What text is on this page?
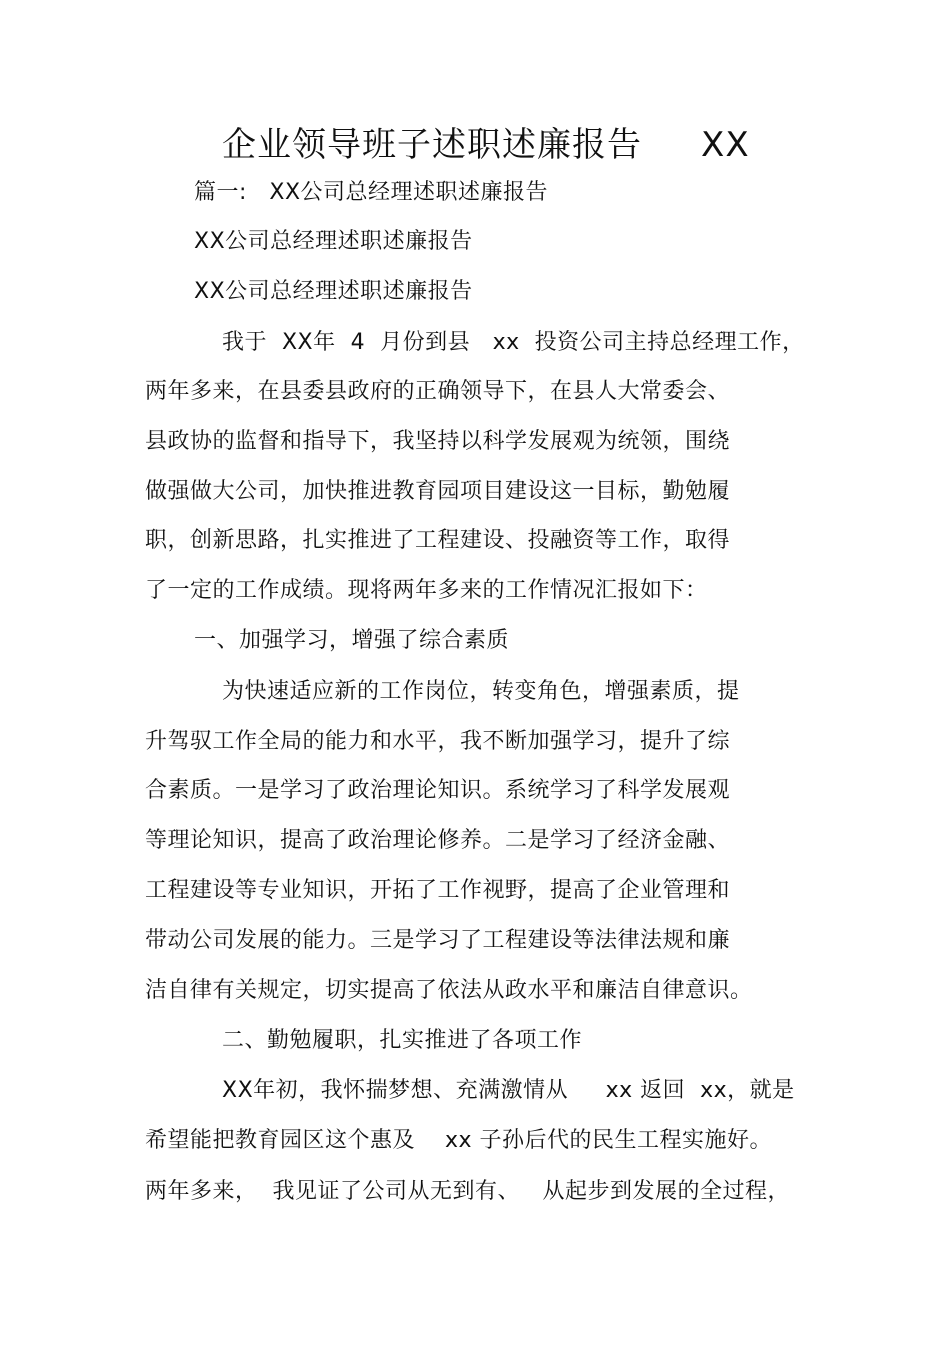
企业领导班子述职述廉报告     XX
篇一:   XX公司总经理述职述廉报告
XX公司总经理述职述廉报告
XX公司总经理述职述廉报告
我于  XX年  4  月份到县   xx  投资公司主持总经理工作，
两年多来，在县委县政府的正确领导下，在县人大常委会、
县政协的监督和指导下，我坚持以科学发展观为统领，围绕
做强做大公司，加快推进教育园项目建设这一目标，勤勉履
职，创新思路，扎实推进了工程建设、投融资等工作，取得
了一定的工作成绩。现将两年多来的工作情况汇报如下：
一、加强学习，增强了综合素质
为快速适应新的工作岗位，转变角色，增强素质，提
升驾驭工作全局的能力和水平，我不断加强学习，提升了综
合素质。一是学习了政治理论知识。系统学习了科学发展观
等理论知识，提高了政治理论修养。二是学习了经济金融、
工程建设等专业知识，开拓了工作视野，提高了企业管理和
带动公司发展的能力。三是学习了工程建设等法律法规和廉
洁自律有关规定，切实提高了依法从政水平和廉洁自律意识。
二、勤勉履职，扎实推进了各项工作
XX年初，我怀揣梦想、充满激情从     xx 返回  xx，就是
希望能把教育园区这个惠及    xx 子孙后代的民生工程实施好。
两年多来，  我见证了公司从无到有、   从起步到发展的全过程，
